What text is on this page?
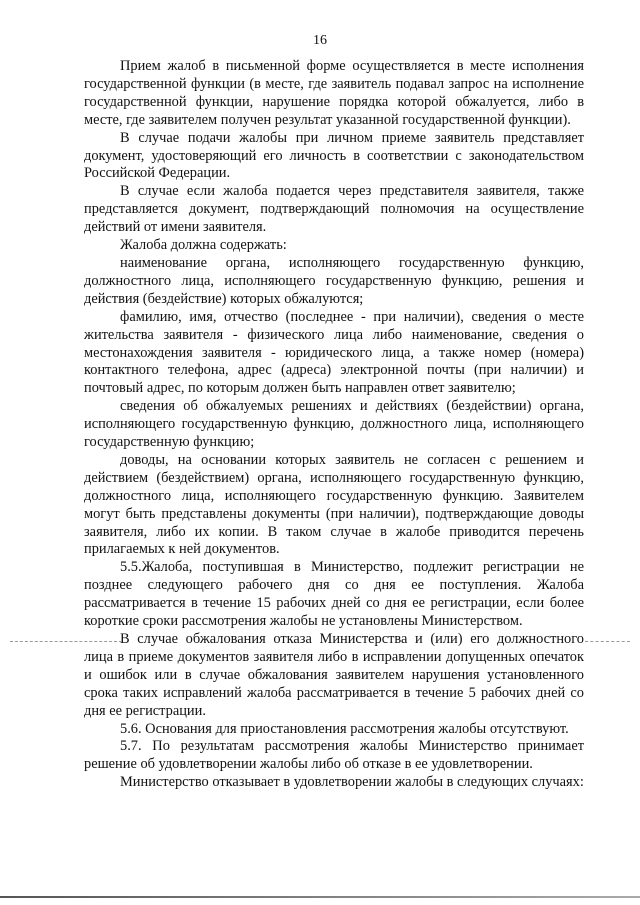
16

Прием жалоб в письменной форме осуществляется в месте исполнения государственной функции (в месте, где заявитель подавал запрос на исполнение государственной функции, нарушение порядка которой обжалуется, либо в месте, где заявителем получен результат указанной государственной функции).

В случае подачи жалобы при личном приеме заявитель представляет документ, удостоверяющий его личность в соответствии с законодательством Российской Федерации.

В случае если жалоба подается через представителя заявителя, также представляется документ, подтверждающий полномочия на осуществление действий от имени заявителя.

Жалоба должна содержать:

наименование органа, исполняющего государственную функцию, должностного лица, исполняющего государственную функцию, решения и действия (бездействие) которых обжалуются;

фамилию, имя, отчество (последнее - при наличии), сведения о месте жительства заявителя - физического лица либо наименование, сведения о местонахождения заявителя - юридического лица, а также номер (номера) контактного телефона, адрес (адреса) электронной почты (при наличии) и почтовый адрес, по которым должен быть направлен ответ заявителю;

сведения об обжалуемых решениях и действиях (бездействии) органа, исполняющего государственную функцию, должностного лица, исполняющего государственную функцию;

доводы, на основании которых заявитель не согласен с решением и действием (бездействием) органа, исполняющего государственную функцию, должностного лица, исполняющего государственную функцию. Заявителем могут быть представлены документы (при наличии), подтверждающие доводы заявителя, либо их копии. В таком случае в жалобе приводится перечень прилагаемых к ней документов.

5.5.Жалоба, поступившая в Министерство, подлежит регистрации не позднее следующего рабочего дня со дня ее поступления. Жалоба рассматривается в течение 15 рабочих дней со дня ее регистрации, если более короткие сроки рассмотрения жалобы не установлены Министерством.

В случае обжалования отказа Министерства и (или) его должностного лица в приеме документов заявителя либо в исправлении допущенных опечаток и ошибок или в случае обжалования заявителем нарушения установленного срока таких исправлений жалоба рассматривается в течение 5 рабочих дней со дня ее регистрации.

5.6. Основания для приостановления рассмотрения жалобы отсутствуют.

5.7. По результатам рассмотрения жалобы Министерство принимает решение об удовлетворении жалобы либо об отказе в ее удовлетворении.

Министерство отказывает в удовлетворении жалобы в следующих случаях:
